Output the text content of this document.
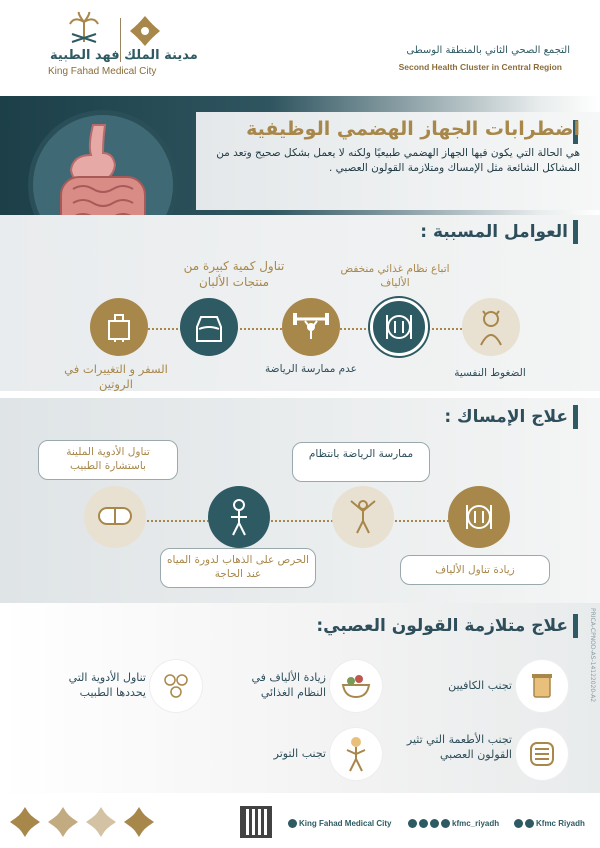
مدينة الملك فهد الطبية
King Fahad Medical City
التجمع الصحي الثاني بالمنطقة الوسطى
Second Health Cluster in Central Region
اضطرابات الجهاز الهضمي الوظيفية
هي الحالة التي يكون فيها الجهاز الهضمي طبيعيًا ولكنه لا يعمل بشكل صحيح وتعد من المشاكل الشائعة مثل الإمساك ومتلازمة القولون العصبي .
العوامل المسببة :
الضغوط النفسية
اتباع نظام غذائي منخفض الألياف
عدم ممارسة الرياضة
تناول كمية كبيرة من منتجات الألبان
السفر و التغييرات في الروتين
علاج الإمساك :
زيادة تناول الألياف
ممارسة الرياضة بانتظام
الحرص على الذهاب لدورة المياه عند الحاجة
تناول الأدوية الملينة باستشارة الطبيب
علاج متلازمة القولون العصبي:
تجنب الكافيين
زيادة الألياف في النظام الغذائي
تناول الأدوية التي يحددها الطبيب
تجنب الأطعمة التي تثير القولون العصبي
تجنب التوتر
PRICA-CPNOD-AS-14122020-A2
King Fahad Medical City	kfmc_riyadh	Kfmc Riyadh
